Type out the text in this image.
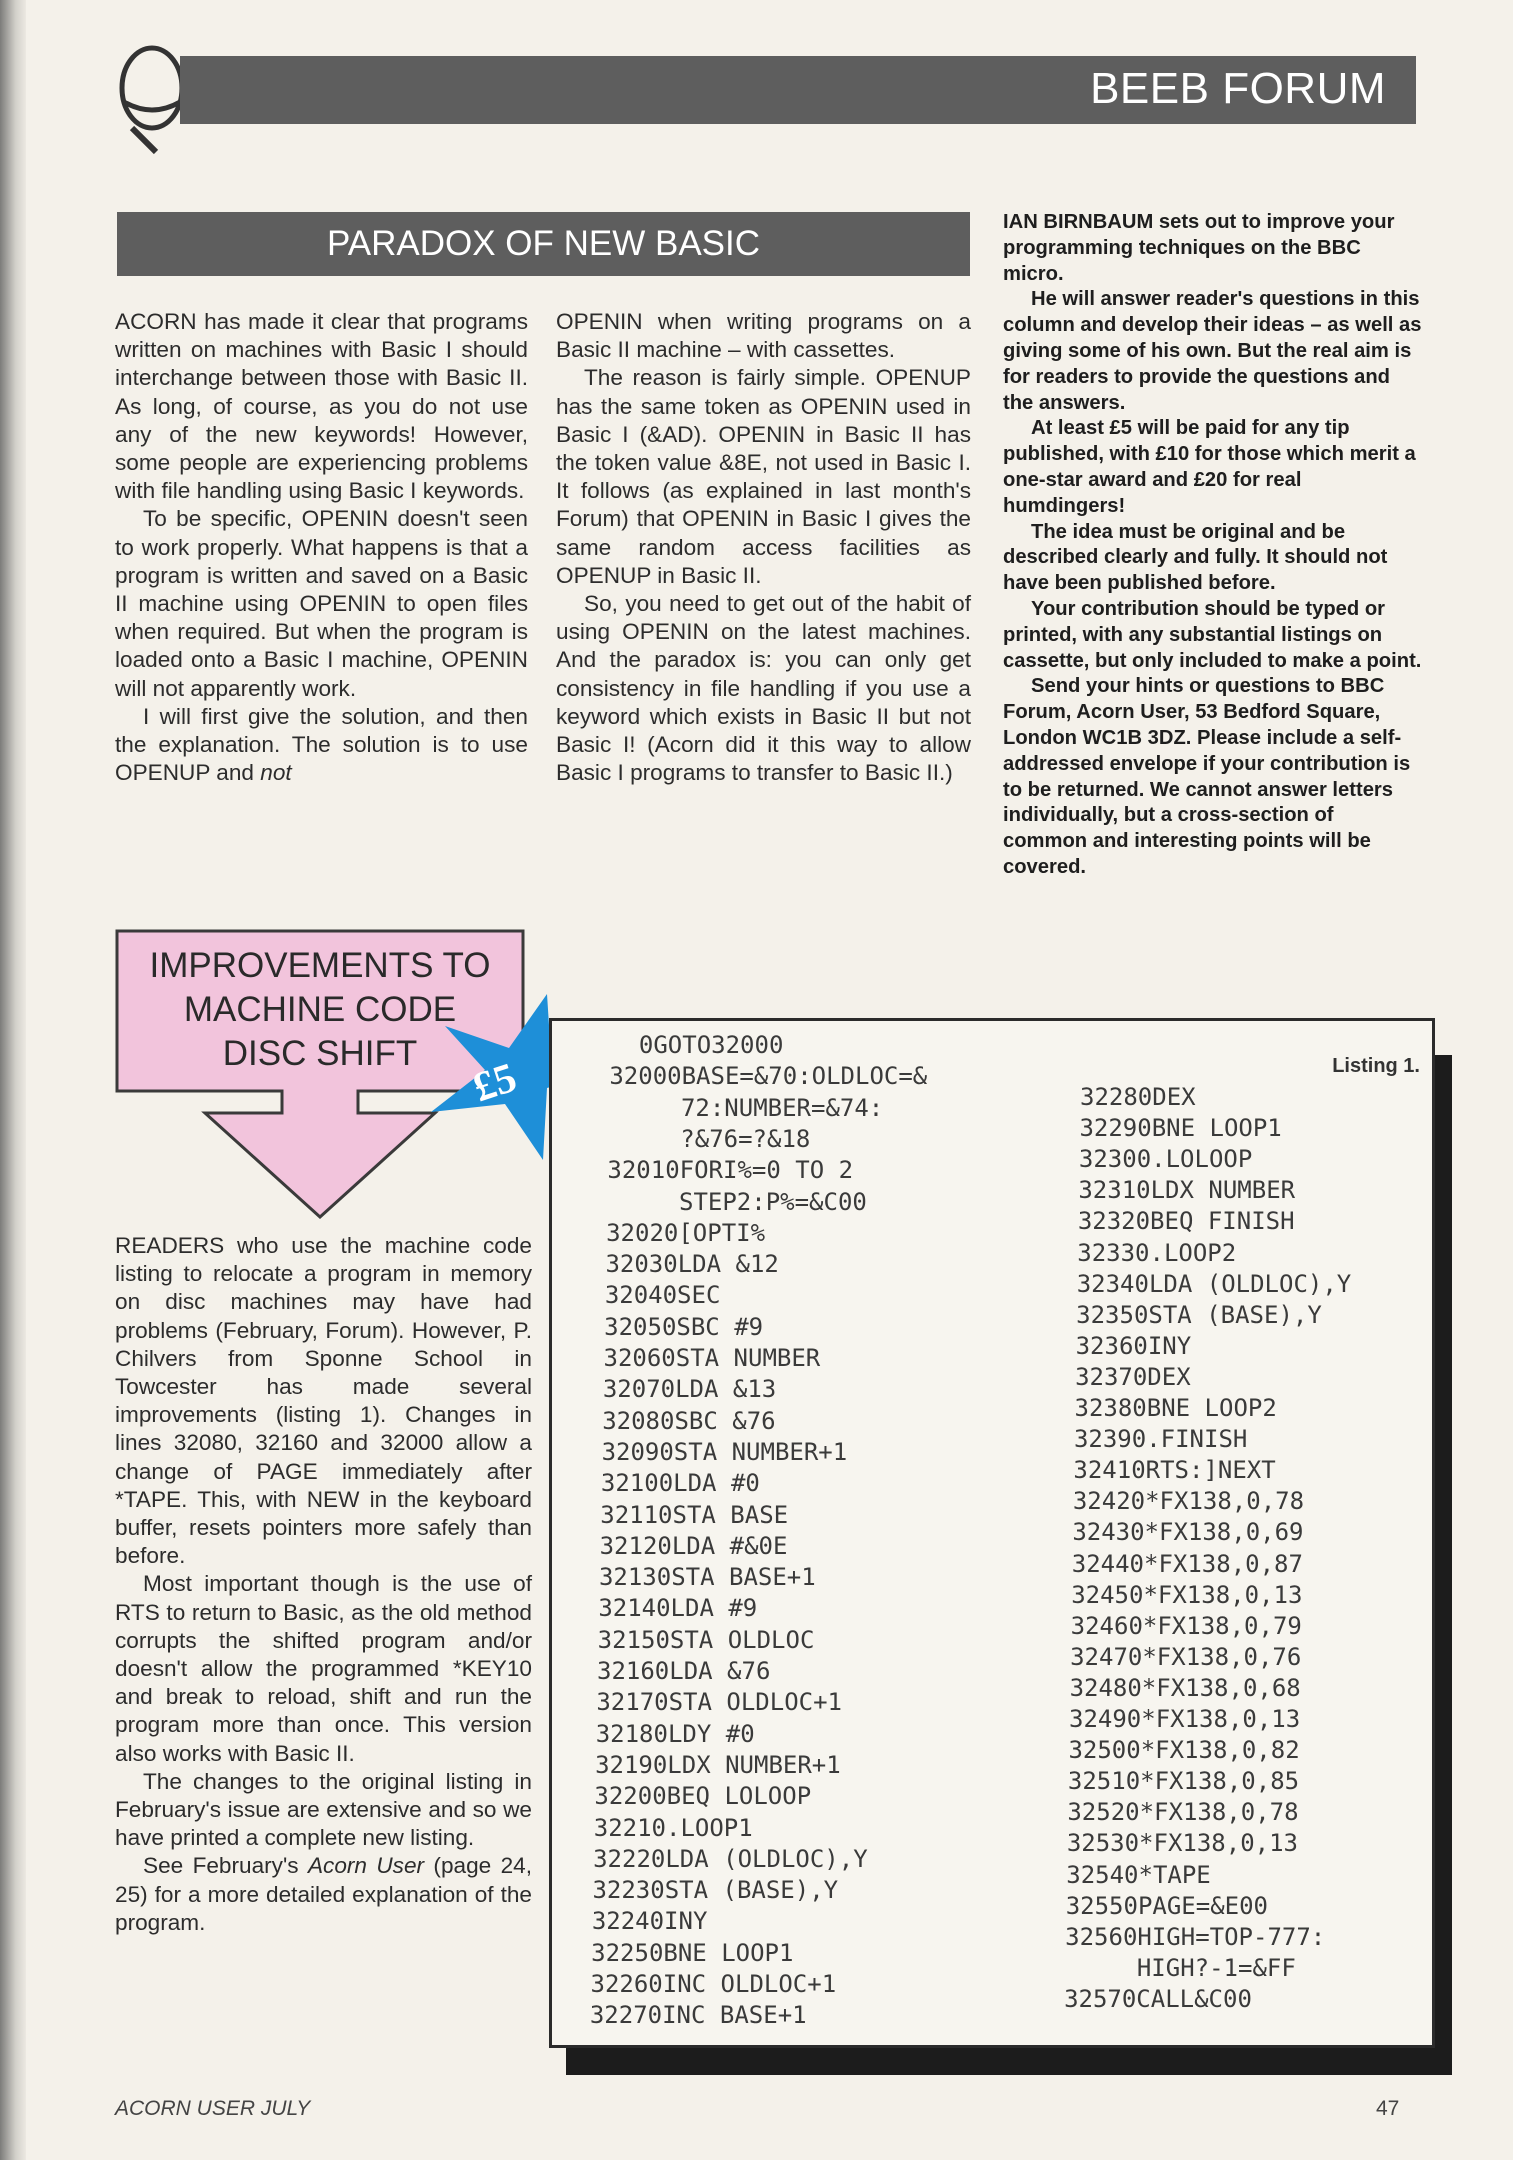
BEEB FORUM
PARADOX OF NEW BASIC

ACORN has made it clear that programs written on machines with Basic I should interchange between those with Basic II. As long, of course, as you do not use any of the new keywords! However, some people are experiencing problems with file handling using Basic I keywords.

To be specific, OPENIN doesn't seen to work properly. What happens is that a program is written and saved on a Basic II machine using OPENIN to open files when required. But when the program is loaded onto a Basic I machine, OPENIN will not apparently work.

I will first give the solution, and then the explanation. The solution is to use OPENUP and not

OPENIN when writing programs on a Basic II machine – with cassettes.

The reason is fairly simple. OPENUP has the same token as OPENIN used in Basic I (&AD). OPENIN in Basic II has the token value &8E, not used in Basic I. It follows (as explained in last month's Forum) that OPENIN in Basic I gives the same random access facilities as OPENUP in Basic II.

So, you need to get out of the habit of using OPENIN on the latest machines. And the paradox is: you can only get consistency in file handling if you use a keyword which exists in Basic II but not Basic I! (Acorn did it this way to allow Basic I programs to transfer to Basic II.)

IAN BIRNBAUM sets out to improve your programming techniques on the BBC micro.

He will answer reader's questions in this column and develop their ideas – as well as giving some of his own. But the real aim is for readers to provide the questions and the answers.

At least £5 will be paid for any tip published, with £10 for those which merit a one-star award and £20 for real humdingers!

The idea must be original and be described clearly and fully. It should not have been published before.

Your contribution should be typed or printed, with any substantial listings on cassette, but only included to make a point.

Send your hints or questions to BBC Forum, Acorn User, 53 Bedford Square, London WC1B 3DZ. Please include a self-addressed envelope if your contribution is to be returned. We cannot answer letters individually, but a cross-section of common and interesting points will be covered.

IMPROVEMENTS TO
MACHINE CODE
DISC SHIFT
£5

READERS who use the machine code listing to relocate a program in memory on disc machines may have had problems (February, Forum). However, P. Chilvers from Sponne School in Towcester has made several improvements (listing 1). Changes in lines 32080, 32160 and 32000 allow a change of PAGE immediately after *TAPE. This, with NEW in the keyboard buffer, resets pointers more safely than before.

Most important though is the use of RTS to return to Basic, as the old method corrupts the shifted program and/or doesn't allow the programmed *KEY10 and break to reload, shift and run the program more than once. This version also works with Basic II.

The changes to the original listing in February's issue are extensive and so we have printed a complete new listing.

See February's Acorn User (page 24, 25) for a more detailed explanation of the program.

Listing 1.
0GOTO32000
32000BASE=&70:OLDLOC=&
72:NUMBER=&74:
?&76=?&18
32010FORI%=0 TO 2
STEP2:P%=&C00
32020[OPTI%
32030LDA &12
32040SEC
32050SBC #9
32060STA NUMBER
32070LDA &13
32080SBC &76
32090STA NUMBER+1
32100LDA #0
32110STA BASE
32120LDA #&0E
32130STA BASE+1
32140LDA #9
32150STA OLDLOC
32160LDA &76
32170STA OLDLOC+1
32180LDY #0
32190LDX NUMBER+1
32200BEQ LOLOOP
32210.LOOP1
32220LDA (OLDLOC),Y
32230STA (BASE),Y
32240INY
32250BNE LOOP1
32260INC OLDLOC+1
32270INC BASE+1
32280DEX
32290BNE LOOP1
32300.LOLOOP
32310LDX NUMBER
32320BEQ FINISH
32330.LOOP2
32340LDA (OLDLOC),Y
32350STA (BASE),Y
32360INY
32370DEX
32380BNE LOOP2
32390.FINISH
32410RTS:]NEXT
32420*FX138,0,78
32430*FX138,0,69
32440*FX138,0,87
32450*FX138,0,13
32460*FX138,0,79
32470*FX138,0,76
32480*FX138,0,68
32490*FX138,0,13
32500*FX138,0,82
32510*FX138,0,85
32520*FX138,0,78
32530*FX138,0,13
32540*TAPE
32550PAGE=&E00
32560HIGH=TOP-777:
HIGH?-1=&FF
32570CALL&C00
ACORN USER JULY	47
